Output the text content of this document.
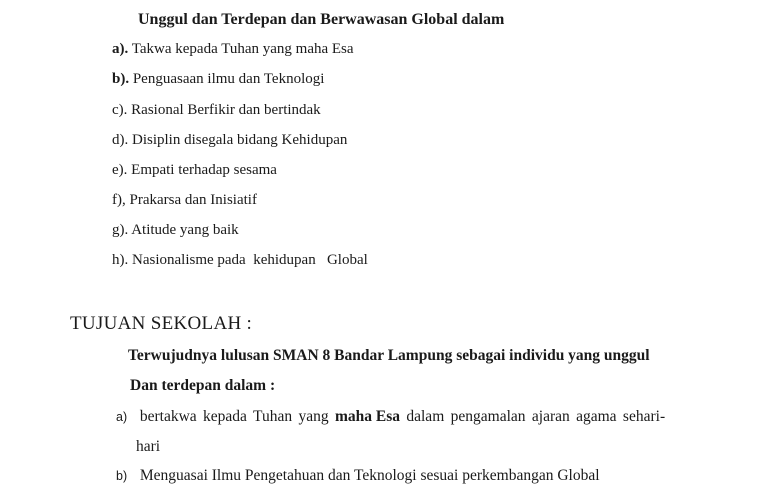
Unggul dan Terdepan dan Berwawasan Global dalam
a). Takwa kepada Tuhan yang maha Esa
b). Penguasaan ilmu dan Teknologi
c). Rasional Berfikir dan bertindak
d). Disiplin disegala bidang Kehidupan
e). Empati terhadap sesama
f), Prakarsa dan Inisiatif
g). Atitude yang baik
h). Nasionalisme pada  kehidupan   Global
TUJUAN SEKOLAH :
Terwujudnya lulusan SMAN 8 Bandar Lampung sebagai individu yang unggul
Dan terdepan dalam :
a) bertakwa kepada Tuhan yang maha Esa dalam pengamalan ajaran agama sehari-
hari
b) Menguasai Ilmu Pengetahuan dan Teknologi sesuai perkembangan Global
